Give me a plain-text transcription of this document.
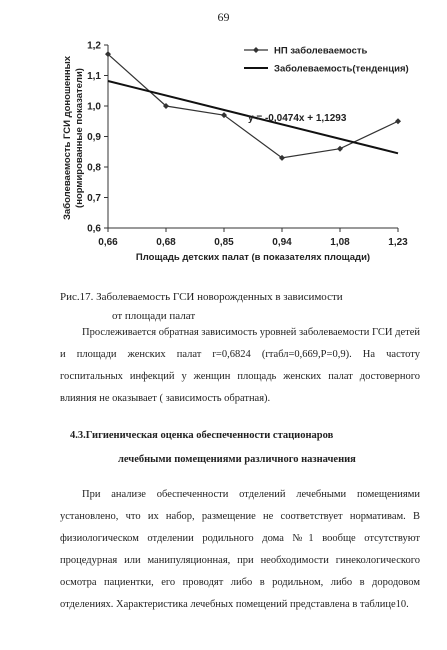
69
0,6
0,7
0,8
0,9
1,0
1,1
1,2
0,66	0,68	0,85	0,94	1,08	1,23
НП заболеваемость
Заболеваемость(тенденция)
y = -0,0474x + 1,1293
Площадь детских палат (в показателях площади)
Заболеваемость ГСИ доношенных (нормированные показатели)
Рис.17. Заболеваемость ГСИ новорожденных в зависимости
от площади палат
Прослеживается обратная зависимость уровней заболеваемости ГСИ детей и площади женских палат r=0,6824 (rтабл=0,669,P=0,9). На частоту госпитальных инфекций у женщин площадь женских палат достоверного влияния не оказывает ( зависимость обратная).
4.3.Гигиеническая оценка обеспеченности стационаров
лечебными помещениями различного назначения
При анализе обеспеченности отделений лечебными помещениями установлено, что их набор, размещение не соответствует нормативам. В физиологическом отделении родильного дома №1 вообще отсутствуют процедурная или манипуляционная, при необходимости гинекологического осмотра пациентки, его проводят либо в родильном, либо в дородовом отделениях. Характеристика лечебных помещений представлена в таблице10.
